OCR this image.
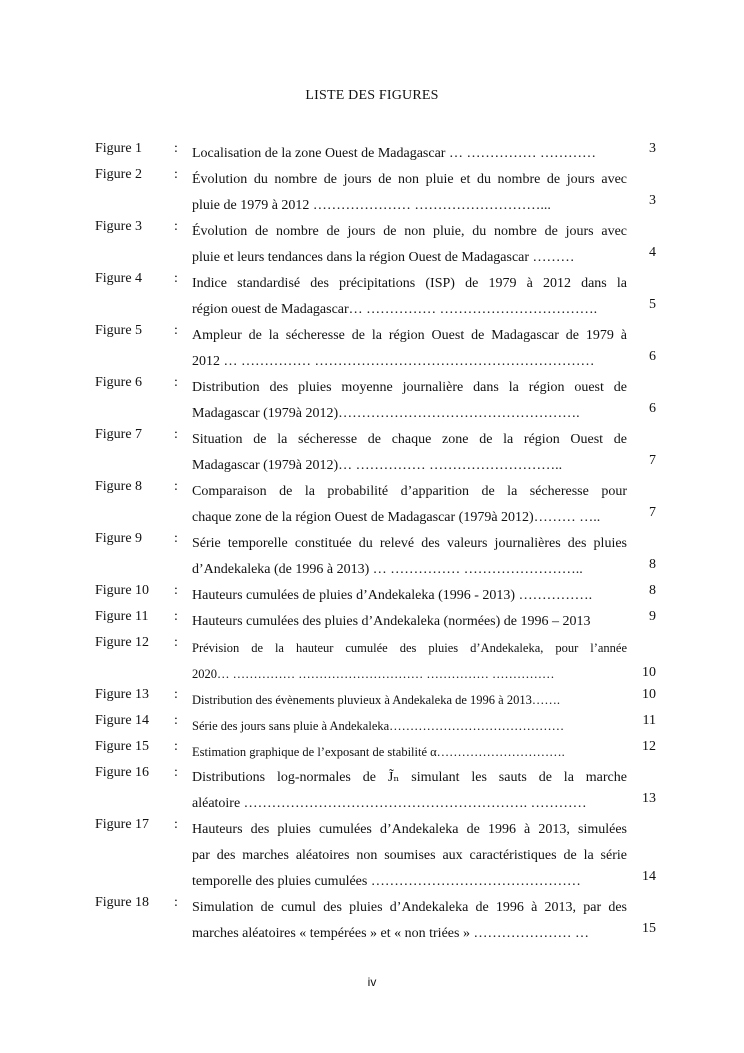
LISTE DES FIGURES
Figure 1 : Localisation de la zone Ouest de Madagascar … …………… …………	3
Figure 2 : Évolution du nombre de jours de non pluie et du nombre de jours avec
pluie de 1979 à 2012 ………………… ………………………...	3
Figure 3 : Évolution de nombre de jours de non pluie, du nombre de jours avec
pluie et leurs tendances dans la région Ouest de Madagascar ………	4
Figure 4 : Indice standardisé des précipitations (ISP) de 1979 à 2012 dans la
région ouest de Madagascar… …………… …………………………….	5
Figure 5 : Ampleur de la sécheresse de la région Ouest de Madagascar de 1979 à
2012 … …………… ……………………………………………………	6
Figure 6 : Distribution des pluies moyenne journalière dans la région ouest de
Madagascar (1979à 2012)…………………………………………….	6
Figure 7 : Situation de la sécheresse de chaque zone de la région Ouest de
Madagascar (1979à 2012)… …………… ………………………..	7
Figure 8 : Comparaison de la probabilité d’apparition de la sécheresse pour
chaque zone de la région Ouest de Madagascar (1979à 2012)……… …..	7
Figure 9 : Série temporelle constituée du relevé des valeurs journalières des pluies
d’Andekaleka (de 1996 à 2013) … …………… ……………………..	8
Figure 10 : Hauteurs cumulées de pluies d’Andekaleka (1996 - 2013) …………….	8
Figure 11 : Hauteurs cumulées des pluies d’Andekaleka (normées) de 1996 – 2013	9
Figure 12 : Prévision de la hauteur cumulée des pluies d’Andekaleka, pour l’année
2020… …………… ………………………… …………… ……………	10
Figure 13 : Distribution des évènements pluvieux à Andekaleka de 1996 à 2013…….	10
Figure 14 : Série des jours sans pluie à Andekaleka……………………………………	11
Figure 15 : Estimation graphique de l’exposant de stabilité α………………………….	12
Figure 16 : Distributions log-normales de J̃ₙ simulant les sauts de la marche
aléatoire ……………………………………………………. …………	13
Figure 17 : Hauteurs des pluies cumulées d’Andekaleka de 1996 à 2013, simulées
par des marches aléatoires non soumises aux caractéristiques de la série
temporelle des pluies cumulées ………………………………………	14
Figure 18 : Simulation de cumul des pluies d’Andekaleka de 1996 à 2013, par des
marches aléatoires « tempérées » et « non triées » ………………… …	15
iv
